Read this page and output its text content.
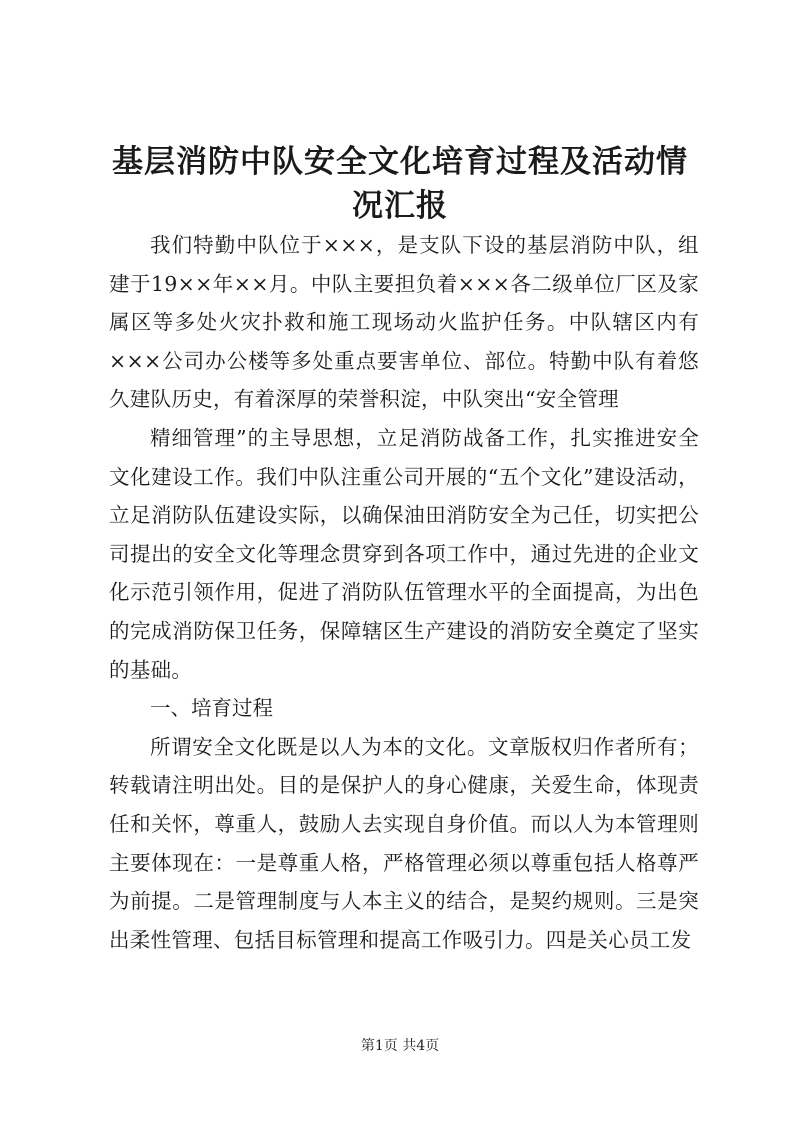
基层消防中队安全文化培育过程及活动情况汇报

我们特勤中队位于×××，是支队下设的基层消防中队，组建于19××年××月。中队主要担负着×××各二级单位厂区及家属区等多处火灾扑救和施工现场动火监护任务。中队辖区内有×××公司办公楼等多处重点要害单位、部位。特勤中队有着悠久建队历史，有着深厚的荣誉积淀，中队突出“安全管理

精细管理”的主导思想，立足消防战备工作，扎实推进安全文化建设工作。我们中队注重公司开展的“五个文化”建设活动，立足消防队伍建设实际，以确保油田消防安全为己任，切实把公司提出的安全文化等理念贯穿到各项工作中，通过先进的企业文化示范引领作用，促进了消防队伍管理水平的全面提高，为出色的完成消防保卫任务，保障辖区生产建设的消防安全奠定了坚实的基础。

一、培育过程

所谓安全文化既是以人为本的文化。文章版权归作者所有；转载请注明出处。目的是保护人的身心健康，关爱生命，体现责任和关怀，尊重人，鼓励人去实现自身价值。而以人为本管理则主要体现在：一是尊重人格，严格管理必须以尊重包括人格尊严为前提。二是管理制度与人本主义的结合，是契约规则。三是突出柔性管理、包括目标管理和提高工作吸引力。四是关心员工发

第1页 共4页
